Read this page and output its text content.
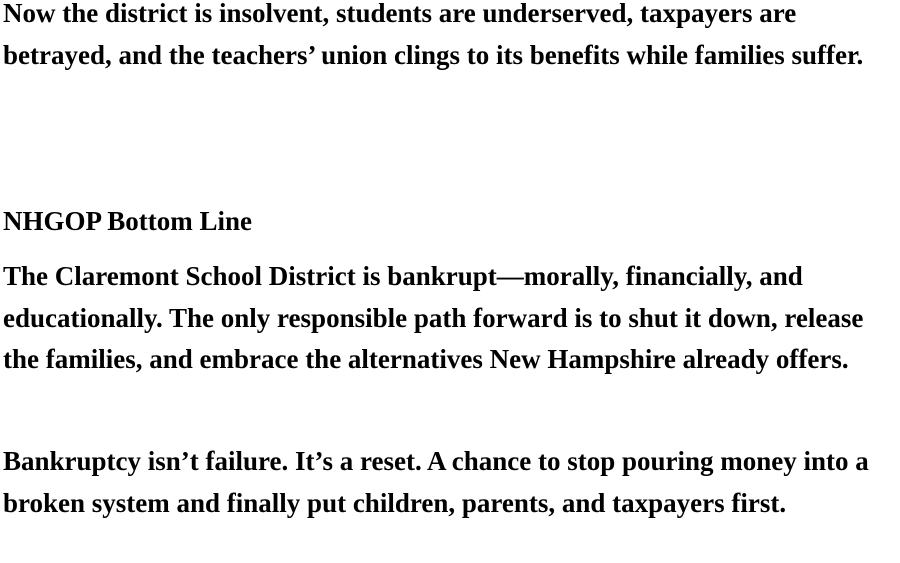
Now the district is insolvent, students are underserved, taxpayers are betrayed, and the teachers’ union clings to its benefits while families suffer.

NHGOP Bottom Line

The Claremont School District is bankrupt—morally, financially, and educationally. The only responsible path forward is to shut it down, release the families, and embrace the alternatives New Hampshire already offers.

Bankruptcy isn’t failure. It’s a reset. A chance to stop pouring money into a broken system and finally put children, parents, and taxpayers first.
